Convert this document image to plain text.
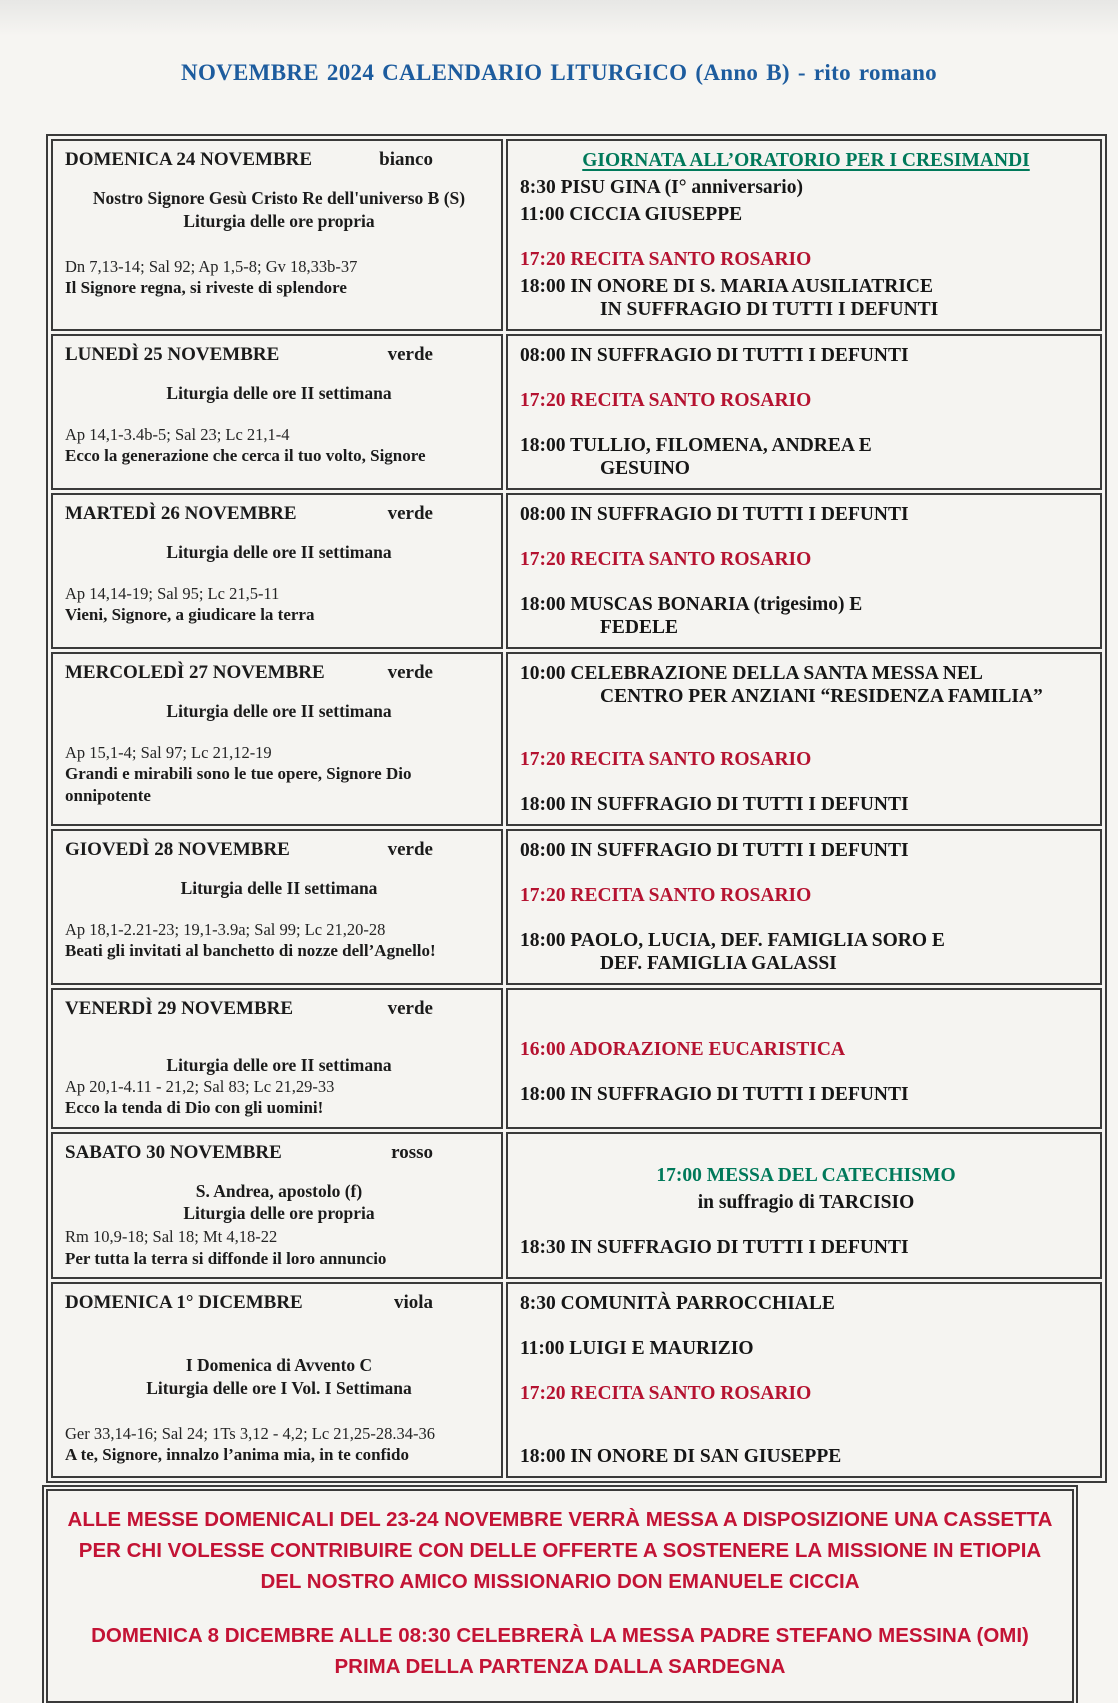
NOVEMBRE 2024 CALENDARIO LITURGICO (Anno B) - rito romano
DOMENICA 24 NOVEMBRE	bianco
Nostro Signore Gesù Cristo Re dell'universo B (S)
Liturgia delle ore propria
Dn 7,13-14; Sal 92; Ap 1,5-8; Gv 18,33b-37
Il Signore regna, si riveste di splendore

GIORNATA ALL’ORATORIO PER I CRESIMANDI
8:30 PISU GINA (I° anniversario)
11:00 CICCIA GIUSEPPE
17:20 RECITA SANTO ROSARIO
18:00 IN ONORE DI S. MARIA AUSILIATRICE
IN SUFFRAGIO DI TUTTI I DEFUNTI

LUNEDÌ 25 NOVEMBRE	verde
Liturgia delle ore II settimana
Ap 14,1-3.4b-5; Sal 23; Lc 21,1-4
Ecco la generazione che cerca il tuo volto, Signore

08:00 IN SUFFRAGIO DI TUTTI I DEFUNTI
17:20 RECITA SANTO ROSARIO
18:00 TULLIO, FILOMENA, ANDREA E
GESUINO

MARTEDÌ 26 NOVEMBRE	verde
Liturgia delle ore II settimana
Ap 14,14-19; Sal 95; Lc 21,5-11
Vieni, Signore, a giudicare la terra

08:00 IN SUFFRAGIO DI TUTTI I DEFUNTI
17:20 RECITA SANTO ROSARIO
18:00 MUSCAS BONARIA (trigesimo) E
FEDELE

MERCOLEDÌ 27 NOVEMBRE	verde
Liturgia delle ore II settimana
Ap 15,1-4; Sal 97; Lc 21,12-19
Grandi e mirabili sono le tue opere, Signore Dio onnipotente

10:00 CELEBRAZIONE DELLA SANTA MESSA NEL
CENTRO PER ANZIANI “RESIDENZA FAMILIA”
17:20 RECITA SANTO ROSARIO
18:00 IN SUFFRAGIO DI TUTTI I DEFUNTI

GIOVEDÌ 28 NOVEMBRE	verde
Liturgia delle II settimana
Ap 18,1-2.21-23; 19,1-3.9a; Sal 99; Lc 21,20-28
Beati gli invitati al banchetto di nozze dell’Agnello!

08:00 IN SUFFRAGIO DI TUTTI I DEFUNTI
17:20 RECITA SANTO ROSARIO
18:00 PAOLO, LUCIA, DEF. FAMIGLIA SORO E
DEF. FAMIGLIA GALASSI

VENERDÌ 29 NOVEMBRE	verde
Liturgia delle ore II settimana
Ap 20,1-4.11 - 21,2; Sal 83; Lc 21,29-33
Ecco la tenda di Dio con gli uomini!

16:00 ADORAZIONE EUCARISTICA
18:00 IN SUFFRAGIO DI TUTTI I DEFUNTI

SABATO 30 NOVEMBRE	rosso
S. Andrea, apostolo (f)
Liturgia delle ore propria
Rm 10,9-18; Sal 18; Mt 4,18-22
Per tutta la terra si diffonde il loro annuncio

17:00 MESSA DEL CATECHISMO
in suffragio di TARCISIO
18:30 IN SUFFRAGIO DI TUTTI I DEFUNTI

DOMENICA 1° DICEMBRE	viola
I Domenica di Avvento C
Liturgia delle ore I Vol. I Settimana
Ger 33,14-16; Sal 24; 1Ts 3,12 - 4,2; Lc 21,25-28.34-36
A te, Signore, innalzo l’anima mia, in te confido

8:30 COMUNITÀ PARROCCHIALE
11:00 LUIGI E MAURIZIO
17:20 RECITA SANTO ROSARIO
18:00 IN ONORE DI SAN GIUSEPPE
ALLE MESSE DOMENICALI DEL 23-24 NOVEMBRE VERRÀ MESSA A DISPOSIZIONE UNA CASSETTA PER CHI VOLESSE CONTRIBUIRE CON DELLE OFFERTE A SOSTENERE LA MISSIONE IN ETIOPIA DEL NOSTRO AMICO MISSIONARIO DON EMANUELE CICCIA
DOMENICA 8 DICEMBRE ALLE 08:30 CELEBRERÀ LA MESSA PADRE STEFANO MESSINA (OMI)
PRIMA DELLA PARTENZA DALLA SARDEGNA
